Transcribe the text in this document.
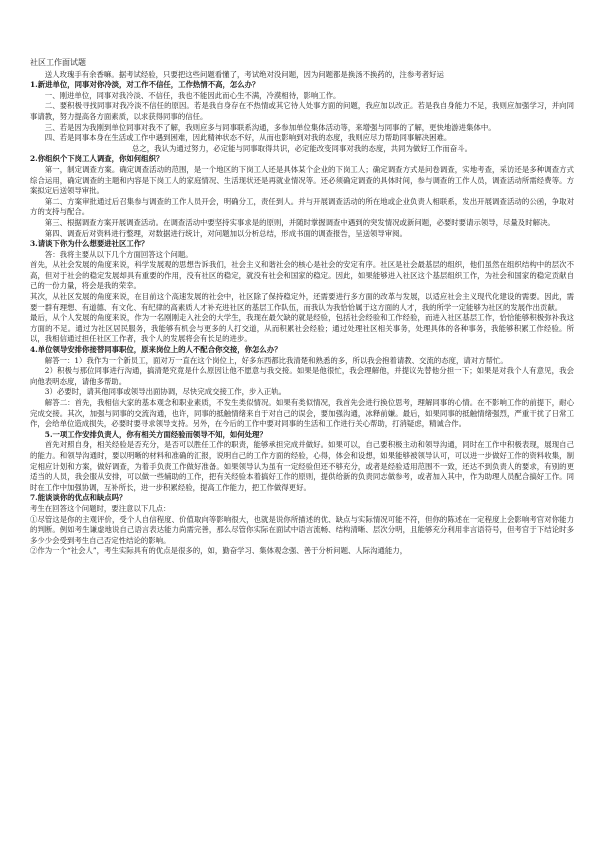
社区工作面试题

送人玫瑰手有余香嘛。据考试经验，只要把这些问题看懂了，考试绝对没问题，因为问题都是换汤不换药的，注参考者好运

1.新进单位，同事对你冷淡，对工作不信任，工作热情不高，怎么办？

一、刚进单位，同事对我冷淡、不信任，我也不能因此而心生不满，冷漠相待，影响工作。

二、要积极寻找同事对我冷淡不信任的原因。若是我自身存在不热情或其它待人处事方面的问题，我应加以改正。若是我自身能力不足，我则应加强学习，并向同事请教，努力提高各方面素质，以求获得同事的信任。

三、若是因为我刚到单位同事对我不了解，我则应多与同事联系沟通，多参加单位集体活动等，来增强与同事的了解，更快地游进集体中。

四、若是同事本身在生活或工作中遇到困难，因此精神状态不好，从而也影响到对我的态度，我则应尽力帮助同事解决困难。

总之，我认为通过努力，必定能与同事取得共识，必定能改变同事对我的态度，共同为做好工作而奋斗。

2.你组织个下岗工人调查，你如何组织？

第一，制定调查方案。确定调查活动的范围，是一个地区的下岗工人还是具体某个企业的下岗工人；确定调查方式是问卷调查，实地考查，采访还是多种调查方式综合运用，确定调查的主题和内容是下岗工人的家庭情况、生活现状还是再就业情况等。还必须确定调查的具体时间，参与调查的工作人员，调查活动所需经费等。方案拟定后送领导审批。

第二、方案审批通过后召集参与调查的工作人员开会，明确分工，责任到人。并与开展调查活动的所在地或企业负责人相联系，发出开展调查活动的公函，争取对方的支持与配合。

第三、根据调查方案开展调查活动。在调查活动中要坚持实事求是的原则，并随时掌握调查中遇到的突发情况或新问题，必要时要请示领导，尽量及时解决。

第四、调查后对资料进行整理，对数据进行统计，对问题加以分析总结，形成书面的调查报告，呈送领导审阅。

3.请谈下你为什么想要进社区工作？

答：我将主要从以下几个方面回答这个问题。

首先，从社会发展的角度来说，科学发展观的思想告诉我们，社会主义和谐社会的核心是社会的安定有序。社区是社会最基层的组织，他们虽然在组织结构中的层次不高，但对于社会的稳定发展却具有重要的作用，没有社区的稳定，就没有社会和国家的稳定。因此，如果能够进入社区这个基层组织工作，为社会和国家的稳定贡献自己的一份力量，将会是我的荣幸。

其次，从社区发展的角度来说，在目前这个高速发展的社会中，社区除了保持稳定外，还需要进行多方面的改革与发展，以适应社会主义现代化建设的需要。因此，需要一群有理想、有道德、有文化、有纪律的高素质人才补充进社区的基层工作队伍，而我认为我恰恰属于这方面的人才，我的所学一定能够为社区的发展作出贡献。

最后，从个人发展的角度来说，作为一名刚刚走入社会的大学生，我现在最欠缺的就是经验，包括社会经验和工作经验，而进入社区基层工作，恰恰能够积极弥补我这方面的不足。通过为社区居民服务，我能够有机会与更多的人打交道，从而积累社会经验；通过处理社区相关事务，处理具体的各种事务，我能够积累工作经验。所以，我相信通过担任社区工作者，我个人的发展将会有长足的进步。

4.单位领导安排你接替同事职位，原来岗位上的人不配合你交接，你怎么办？

解答一：1）我作为一个新员工，面对万一直在这个岗位上，好多东西都比我清楚和熟悉的多，所以我会抱着请教、交流的态度，请对方帮忙。

2）积极与那位同事进行沟通，搞清楚究竟是什么原因让他不愿意与我交接。如果是他很忙，我会理解他，并提议先替他分担一下；如果是对我个人有意见，我会向他表明态度，请他多帮助。

3）必要时，请其他同事或领导出面协调，尽快完成交接工作，步入正轨。

解答二：首先，我相信大家的基本观念和职业素质，不发生类似情况。如果有类似情况，我首先会进行换位思考，理解同事的心情。在不影响工作的前提下，耐心完成交接。其次，加强与同事的交流沟通，也许，同事的抵触情绪来自于对自己的误会，要加强沟通，冰释前嫌。最后，如果同事的抵触情绪强烈，严重干扰了日常工作，会给单位造成损失，必要时要寻求领导支持。另外，在今后的工作中要对同事的生活和工作进行关心帮助，打消疑虑，精诚合作。

5.一项工作安排负责人，你有相关方面经验而领导不知，如何处理？

首先对照自身，相关经验是否充分，是否可以胜任工作的职责，能够承担完成并做好。如果可以，自己要积极主动和领导沟通，同时在工作中积极表现，展现自己的能力。和领导沟通时，要以明晰的材料和准确的汇报，说明自己的工作方面的经验，心得，体会和设想，如果能够被领导认可，可以进一步做好工作的资料收集，制定相应计划和方案，做好调查，为着手负责工作做好准备。如果领导认为虽有一定经验但还不够充分，或者是经验适用范围不一致，还达不到负责人的要求，有别的更适当的人员，我会服从安排，可以做一些辅助的工作，把有关经验本着搞好工作的原则，提供给新的负责同志做参考，或者加入其中，作为助理人员配合搞好工作。同时在工作中加强协调，互补所长，进一步积累经验，提高工作能力，把工作做得更好。

7.能谈谈你的优点和缺点吗？

考生在回答这个问题时，要注意以下几点：

①尽管这是你的主观评价，受个人自信程度、价值取向等影响很大，也就是说你所描述的优、缺点与实际情况可能不符，但你的陈述在一定程度上会影响考官对你能力的判断。例如考生谦虚地说自己语言表达能力尚需完善，那么尽管你实际在面试中语言流畅、结构清晰、层次分明，且能够充分利用非言语符号，但考官于下结论时多多少少会受到考生自己否定性结论的影响。

②作为一个“社会人”，考生实际具有的优点是很多的，如，勤奋学习、集体观念强、善于分析问题、人际沟通能力，
